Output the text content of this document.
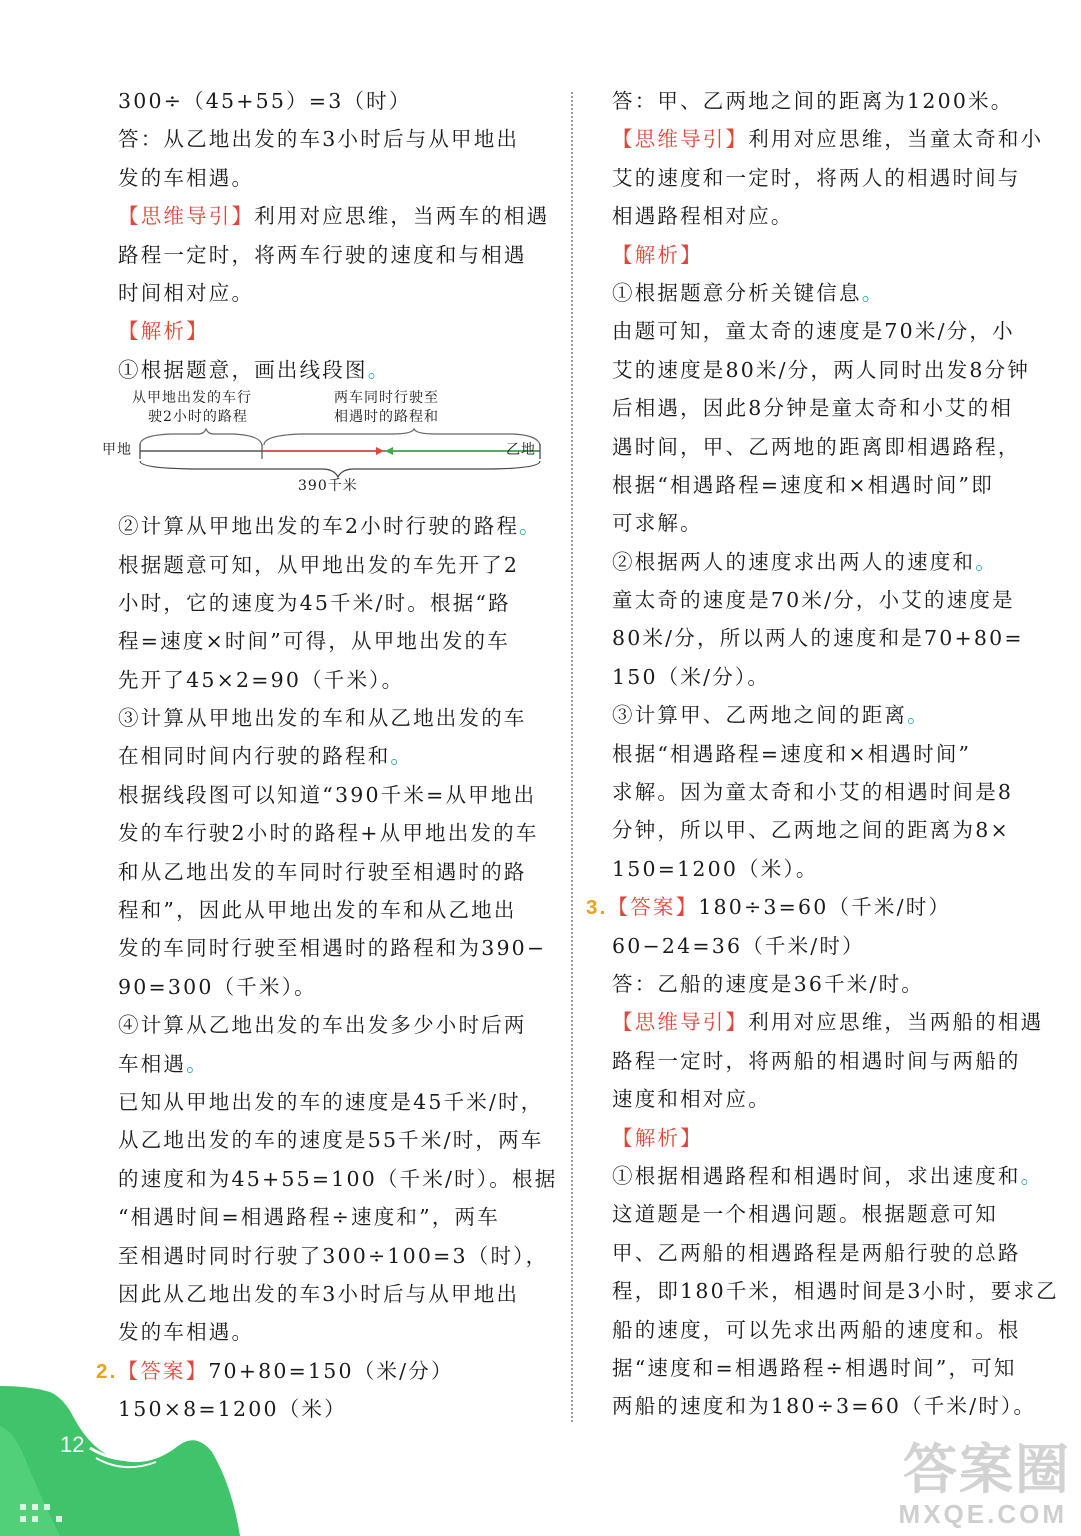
300÷（45+55）=3（时）
答：从乙地出发的车3小时后与从甲地出
发的车相遇。
【思维导引】利用对应思维，当两车的相遇
路程一定时，将两车行驶的速度和与相遇
时间相对应。
【解析】
①根据题意，画出线段图。
从甲地出发的车行
驶2小时的路程
两车同时行驶至
相遇时的路程和
甲地	乙地
390千米
②计算从甲地出发的车2小时行驶的路程。
根据题意可知，从甲地出发的车先开了2
小时，它的速度为45千米/时。根据“路
程=速度×时间”可得，从甲地出发的车
先开了45×2=90（千米）。
③计算从甲地出发的车和从乙地出发的车
在相同时间内行驶的路程和。
根据线段图可以知道“390千米=从甲地出
发的车行驶2小时的路程+从甲地出发的车
和从乙地出发的车同时行驶至相遇时的路
程和”，因此从甲地出发的车和从乙地出
发的车同时行驶至相遇时的路程和为390−
90=300（千米）。
④计算从乙地出发的车出发多少小时后两
车相遇。
已知从甲地出发的车的速度是45千米/时，
从乙地出发的车的速度是55千米/时，两车
的速度和为45+55=100（千米/时）。根据
“相遇时间=相遇路程÷速度和”，两车
至相遇时同时行驶了300÷100=3（时），
因此从乙地出发的车3小时后与从甲地出
发的车相遇。
2.【答案】70+80=150（米/分）
150×8=1200（米）
答：甲、乙两地之间的距离为1200米。
【思维导引】利用对应思维，当童太奇和小
艾的速度和一定时，将两人的相遇时间与
相遇路程相对应。
【解析】
①根据题意分析关键信息。
由题可知，童太奇的速度是70米/分，小
艾的速度是80米/分，两人同时出发8分钟
后相遇，因此8分钟是童太奇和小艾的相
遇时间，甲、乙两地的距离即相遇路程，
根据“相遇路程=速度和×相遇时间”即
可求解。
②根据两人的速度求出两人的速度和。
童太奇的速度是70米/分，小艾的速度是
80米/分，所以两人的速度和是70+80=
150（米/分）。
③计算甲、乙两地之间的距离。
根据“相遇路程=速度和×相遇时间”
求解。因为童太奇和小艾的相遇时间是8
分钟，所以甲、乙两地之间的距离为8×
150=1200（米）。
3.【答案】180÷3=60（千米/时）
60−24=36（千米/时）
答：乙船的速度是36千米/时。
【思维导引】利用对应思维，当两船的相遇
路程一定时，将两船的相遇时间与两船的
速度和相对应。
【解析】
①根据相遇路程和相遇时间，求出速度和。
这道题是一个相遇问题。根据题意可知
甲、乙两船的相遇路程是两船行驶的总路
程，即180千米，相遇时间是3小时，要求乙
船的速度，可以先求出两船的速度和。根
据“速度和=相遇路程÷相遇时间”，可知
两船的速度和为180÷3=60（千米/时）。
12	答案圈
MXQE.COM
